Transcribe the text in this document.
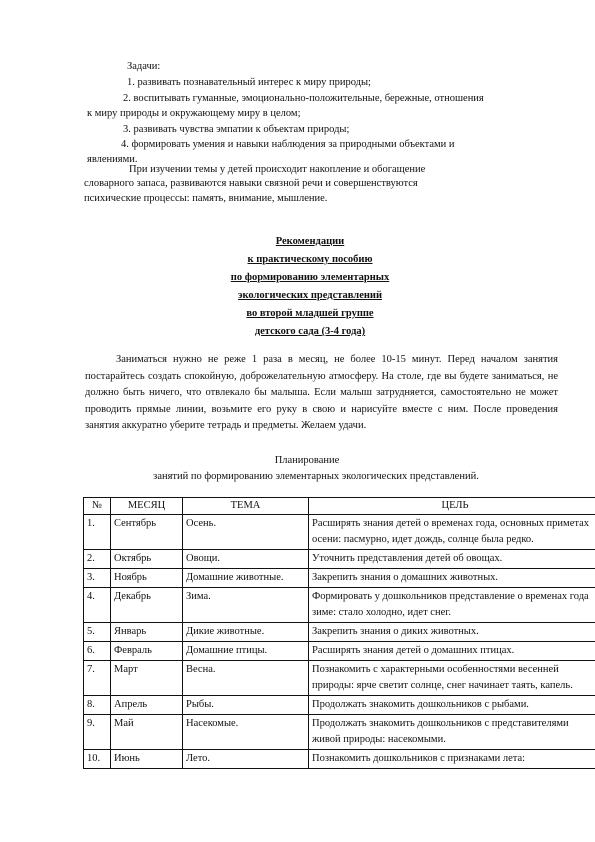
Задачи:
1. развивать познавательный интерес к миру природы;
2. воспитывать гуманные, эмоционально-положительные, бережные, отношения
к миру природы и окружающему миру в целом;
3. развивать чувства эмпатии к объектам природы;
4. формировать умения и навыки наблюдения за природными объектами и
явлениями.
При изучении темы у детей происходит накопление и обогащение
словарного запаса, развиваются навыки связной речи и совершенствуются
психические процессы: память, внимание, мышление.
Рекомендации
к практическому пособию
по формированию элементарных
экологических представлений
во второй младшей группе
детского сада (3-4 года)
Заниматься нужно не реже 1 раза в месяц, не более 10-15 минут. Перед началом занятия постарайтесь создать спокойную, доброжелательную атмосферу. На столе, где вы будете заниматься, не должно быть ничего, что отвлекало бы малыша. Если малыш затрудняется, самостоятельно не может проводить прямые линии, возьмите его руку в свою и нарисуйте вместе с ним. После проведения занятия аккуратно уберите тетрадь и предметы. Желаем удачи.
Планирование
занятий по формированию элементарных экологических представлений.
№	МЕСЯЦ	ТЕМА	ЦЕЛЬ
1.	Сентябрь	Осень.	Расширять знания детей о временах года, основных приметах осени: пасмурно, идет дождь, солнце была редко.
2.	Октябрь	Овощи.	Уточнить представления детей об овощах.
3.	Ноябрь	Домашние животные.	Закрепить знания о домашних животных.
4.	Декабрь	Зима.	Формировать у дошкольников представление о временах года зиме: стало холодно, идет снег.
5.	Январь	Дикие животные.	Закрепить знания о диких животных.
6.	Февраль	Домашние птицы.	Расширять знания детей о домашних птицах.
7.	Март	Весна.	Познакомить с характерными особенностями весенней природы: ярче светит солнце, снег начинает таять, капель.
8.	Апрель	Рыбы.	Продолжать знакомить дошкольников с рыбами.
9.	Май	Насекомые.	Продолжать знакомить дошкольников с представителями живой природы: насекомыми.
10.	Июнь	Лето.	Познакомить дошкольников с признаками лета:
